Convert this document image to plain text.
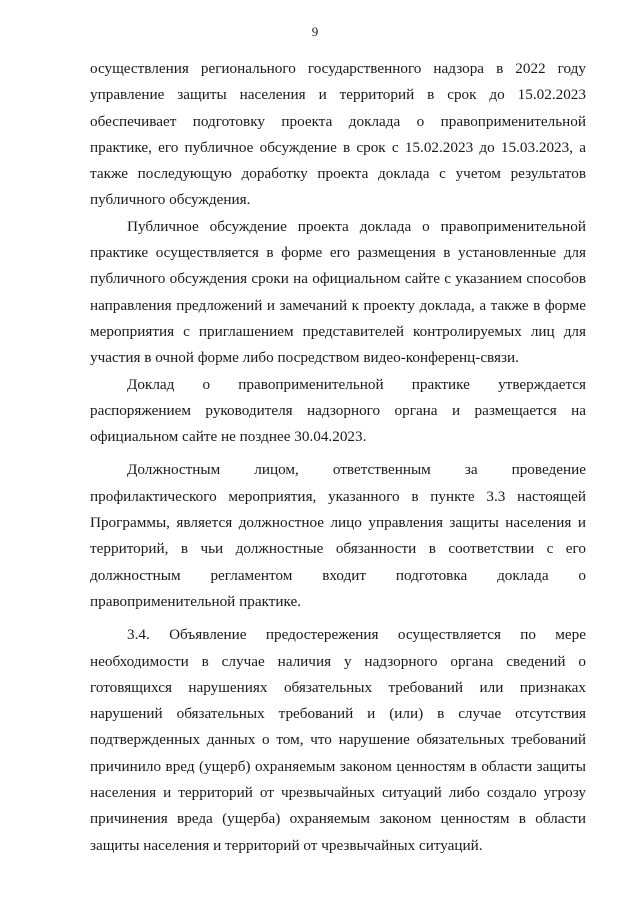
9

осуществления регионального государственного надзора в 2022 году управление защиты населения и территорий в срок до 15.02.2023 обеспечивает подготовку проекта доклада о правоприменительной практике, его публичное обсуждение в срок с 15.02.2023 до 15.03.2023, а также последующую доработку проекта доклада с учетом результатов публичного обсуждения.

Публичное обсуждение проекта доклада о правоприменительной практике осуществляется в форме его размещения в установленные для публичного обсуждения сроки на официальном сайте с указанием способов направления предложений и замечаний к проекту доклада, а также в форме мероприятия с приглашением представителей контролируемых лиц для участия в очной форме либо посредством видео-конференц-связи.

Доклад о правоприменительной практике утверждается распоряжением руководителя надзорного органа и размещается на официальном сайте не позднее 30.04.2023.

Должностным лицом, ответственным за проведение профилактического мероприятия, указанного в пункте 3.3 настоящей Программы, является должностное лицо управления защиты населения и территорий, в чьи должностные обязанности в соответствии с его должностным регламентом входит подготовка доклада о правоприменительной практике.

3.4. Объявление предостережения осуществляется по мере необходимости в случае наличия у надзорного органа сведений о готовящихся нарушениях обязательных требований или признаках нарушений обязательных требований и (или) в случае отсутствия подтвержденных данных о том, что нарушение обязательных требований причинило вред (ущерб) охраняемым законом ценностям в области защиты населения и территорий от чрезвычайных ситуаций либо создало угрозу причинения вреда (ущерба) охраняемым законом ценностям в области защиты населения и территорий от чрезвычайных ситуаций.
